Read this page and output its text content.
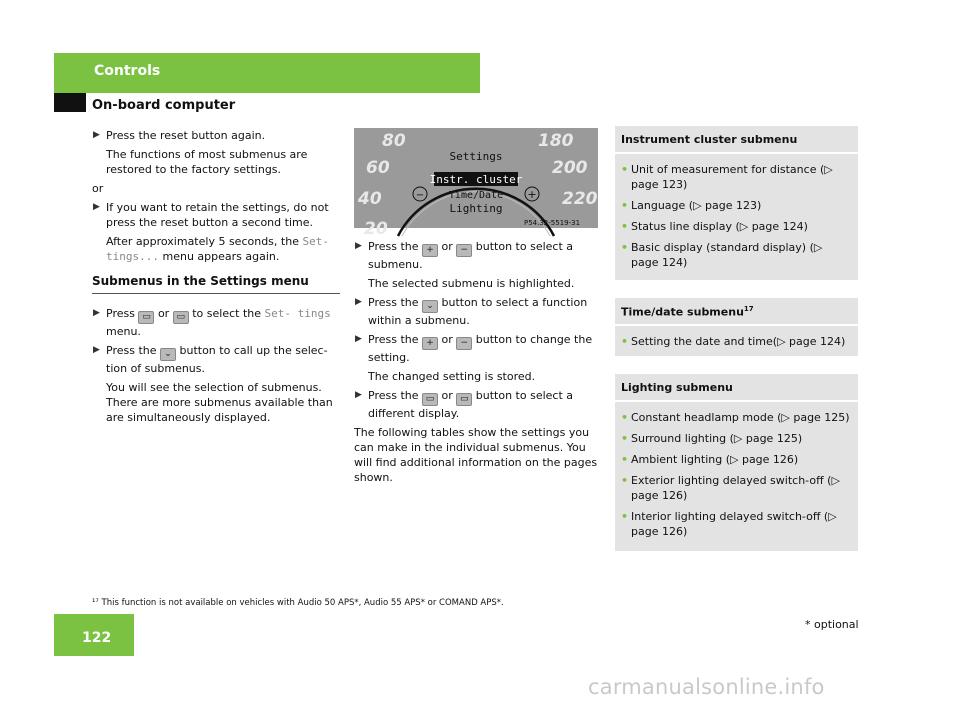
Controls
On-board computer
▶ Press the reset button again.
The functions of most submenus are restored to the factory settings.
or
▶ If you want to retain the settings, do not press the reset button a second time.
After approximately 5 seconds, the Set- tings... menu appears again.
Submenus in the Settings menu
▶ Press ▭ or ▭ to select the Set- tings menu.
▶ Press the ⌄ button to call up the selec- tion of submenus.
You will see the selection of submenus. There are more submenus available than are simultaneously displayed.
80
60
40
20
180
200
220
Settings
Instr. cluster
Time/Date
Lighting
−	+
P54.32-5519-31
▶ Press the + or − button to select a submenu.
The selected submenu is highlighted.
▶ Press the ⌄ button to select a function within a submenu.
▶ Press the + or − button to change the setting.
The changed setting is stored.
▶ Press the ▭ or ▭ button to select a different display.
The following tables show the settings you can make in the individual submenus. You will find additional information on the pages shown.
Instrument cluster submenu
• Unit of measurement for distance (▷ page 123)
• Language (▷ page 123)
• Status line display (▷ page 124)
• Basic display (standard display) (▷ page 124)
Time/date submenu$^{17}$
• Setting the date and time(▷ page 124)
Lighting submenu
• Constant headlamp mode (▷ page 125)
• Surround lighting (▷ page 125)
• Ambient lighting (▷ page 126)
• Exterior lighting delayed switch-off (▷ page 126)
• Interior lighting delayed switch-off (▷ page 126)
¹⁷ This function is not available on vehicles with Audio 50 APS*, Audio 55 APS* or COMAND APS*.
122
* optional
carmanualsonline.info
